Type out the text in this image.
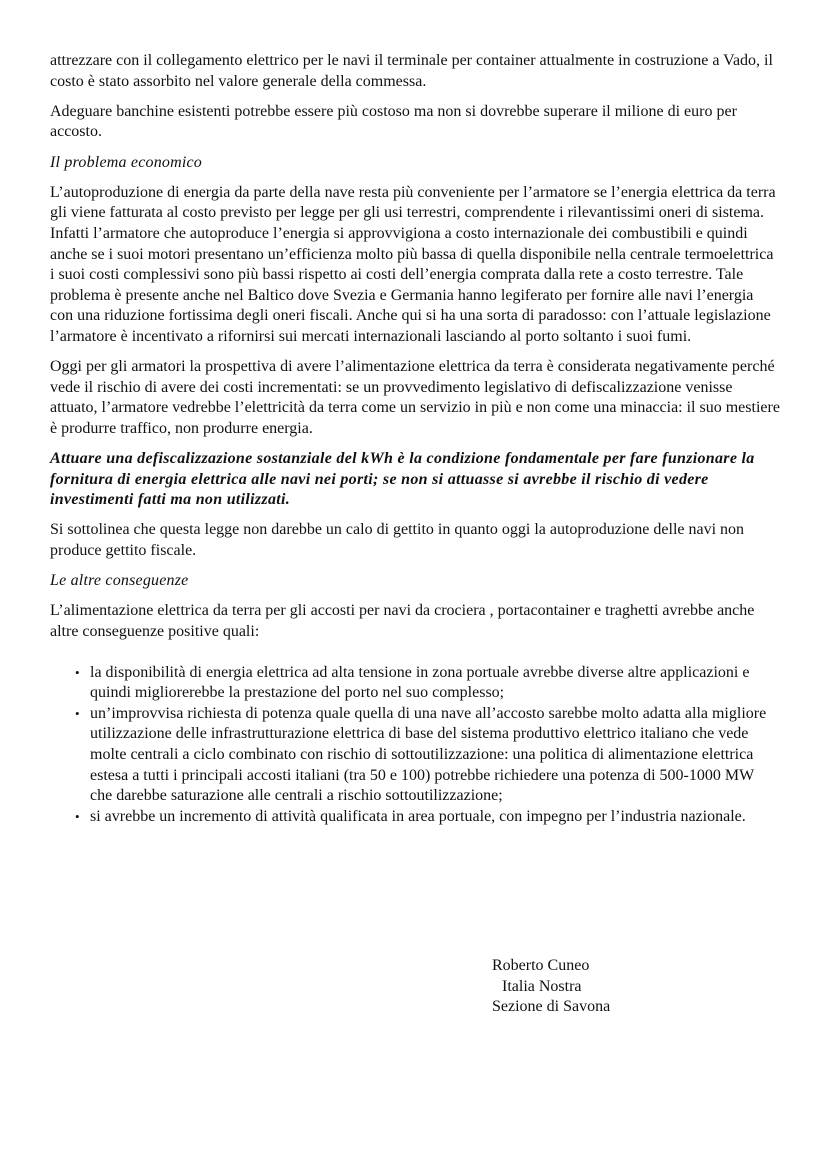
attrezzare con il collegamento elettrico per le navi il terminale per container attualmente in costruzione a Vado, il costo è stato assorbito nel valore generale della commessa.

Adeguare banchine esistenti potrebbe essere più costoso ma non si dovrebbe superare il milione di euro per accosto.

Il problema economico

L’autoproduzione di energia da parte della nave resta più conveniente per l’armatore se l’energia elettrica da terra gli viene fatturata al costo previsto per legge per gli usi terrestri, comprendente i rilevantissimi oneri di sistema. Infatti l’armatore che autoproduce l’energia si approvvigiona a costo internazionale dei combustibili e quindi anche se i suoi motori presentano un’efficienza molto più bassa di quella disponibile nella centrale termoelettrica i suoi costi complessivi sono più bassi rispetto ai costi dell’energia comprata dalla rete a costo terrestre. Tale problema è presente anche nel Baltico dove Svezia e Germania hanno legiferato per fornire alle navi l’energia con una riduzione fortissima degli oneri fiscali. Anche qui si ha una sorta di paradosso: con l’attuale legislazione l’armatore è incentivato a rifornirsi sui mercati internazionali lasciando al porto soltanto i suoi fumi.

Oggi per gli armatori la prospettiva di avere l’alimentazione elettrica da terra è considerata negativamente perché vede il rischio di avere dei costi incrementati: se un provvedimento legislativo di defiscalizzazione venisse attuato, l’armatore vedrebbe l’elettricità da terra come un servizio in più e non come una minaccia: il suo mestiere è produrre traffico, non produrre energia.

Attuare una defiscalizzazione sostanziale del kWh è la condizione fondamentale per fare funzionare la fornitura di energia elettrica alle navi nei porti; se non si attuasse si avrebbe il rischio di vedere investimenti fatti ma non utilizzati.

Si sottolinea che questa legge non darebbe un calo di gettito in quanto oggi la autoproduzione delle navi non produce gettito fiscale.

Le altre conseguenze

L’alimentazione elettrica da terra per gli accosti per navi da crociera , portacontainer e traghetti avrebbe anche altre conseguenze positive quali:

• la disponibilità di energia elettrica ad alta tensione in zona portuale avrebbe diverse altre applicazioni e quindi migliorerebbe la prestazione del porto nel suo complesso;
• un’improvvisa richiesta di potenza quale quella di una nave all’accosto sarebbe molto adatta alla migliore utilizzazione delle infrastrutturazione elettrica di base del sistema produttivo elettrico italiano che vede molte centrali a ciclo combinato con rischio di sottoutilizzazione: una politica di alimentazione elettrica estesa a tutti i principali accosti italiani (tra 50 e 100) potrebbe richiedere una potenza di 500-1000 MW che darebbe saturazione alle centrali a rischio sottoutilizzazione;
• si avrebbe un incremento di attività qualificata in area portuale, con impegno per l’industria nazionale.
Roberto Cuneo
Italia Nostra
Sezione di Savona
